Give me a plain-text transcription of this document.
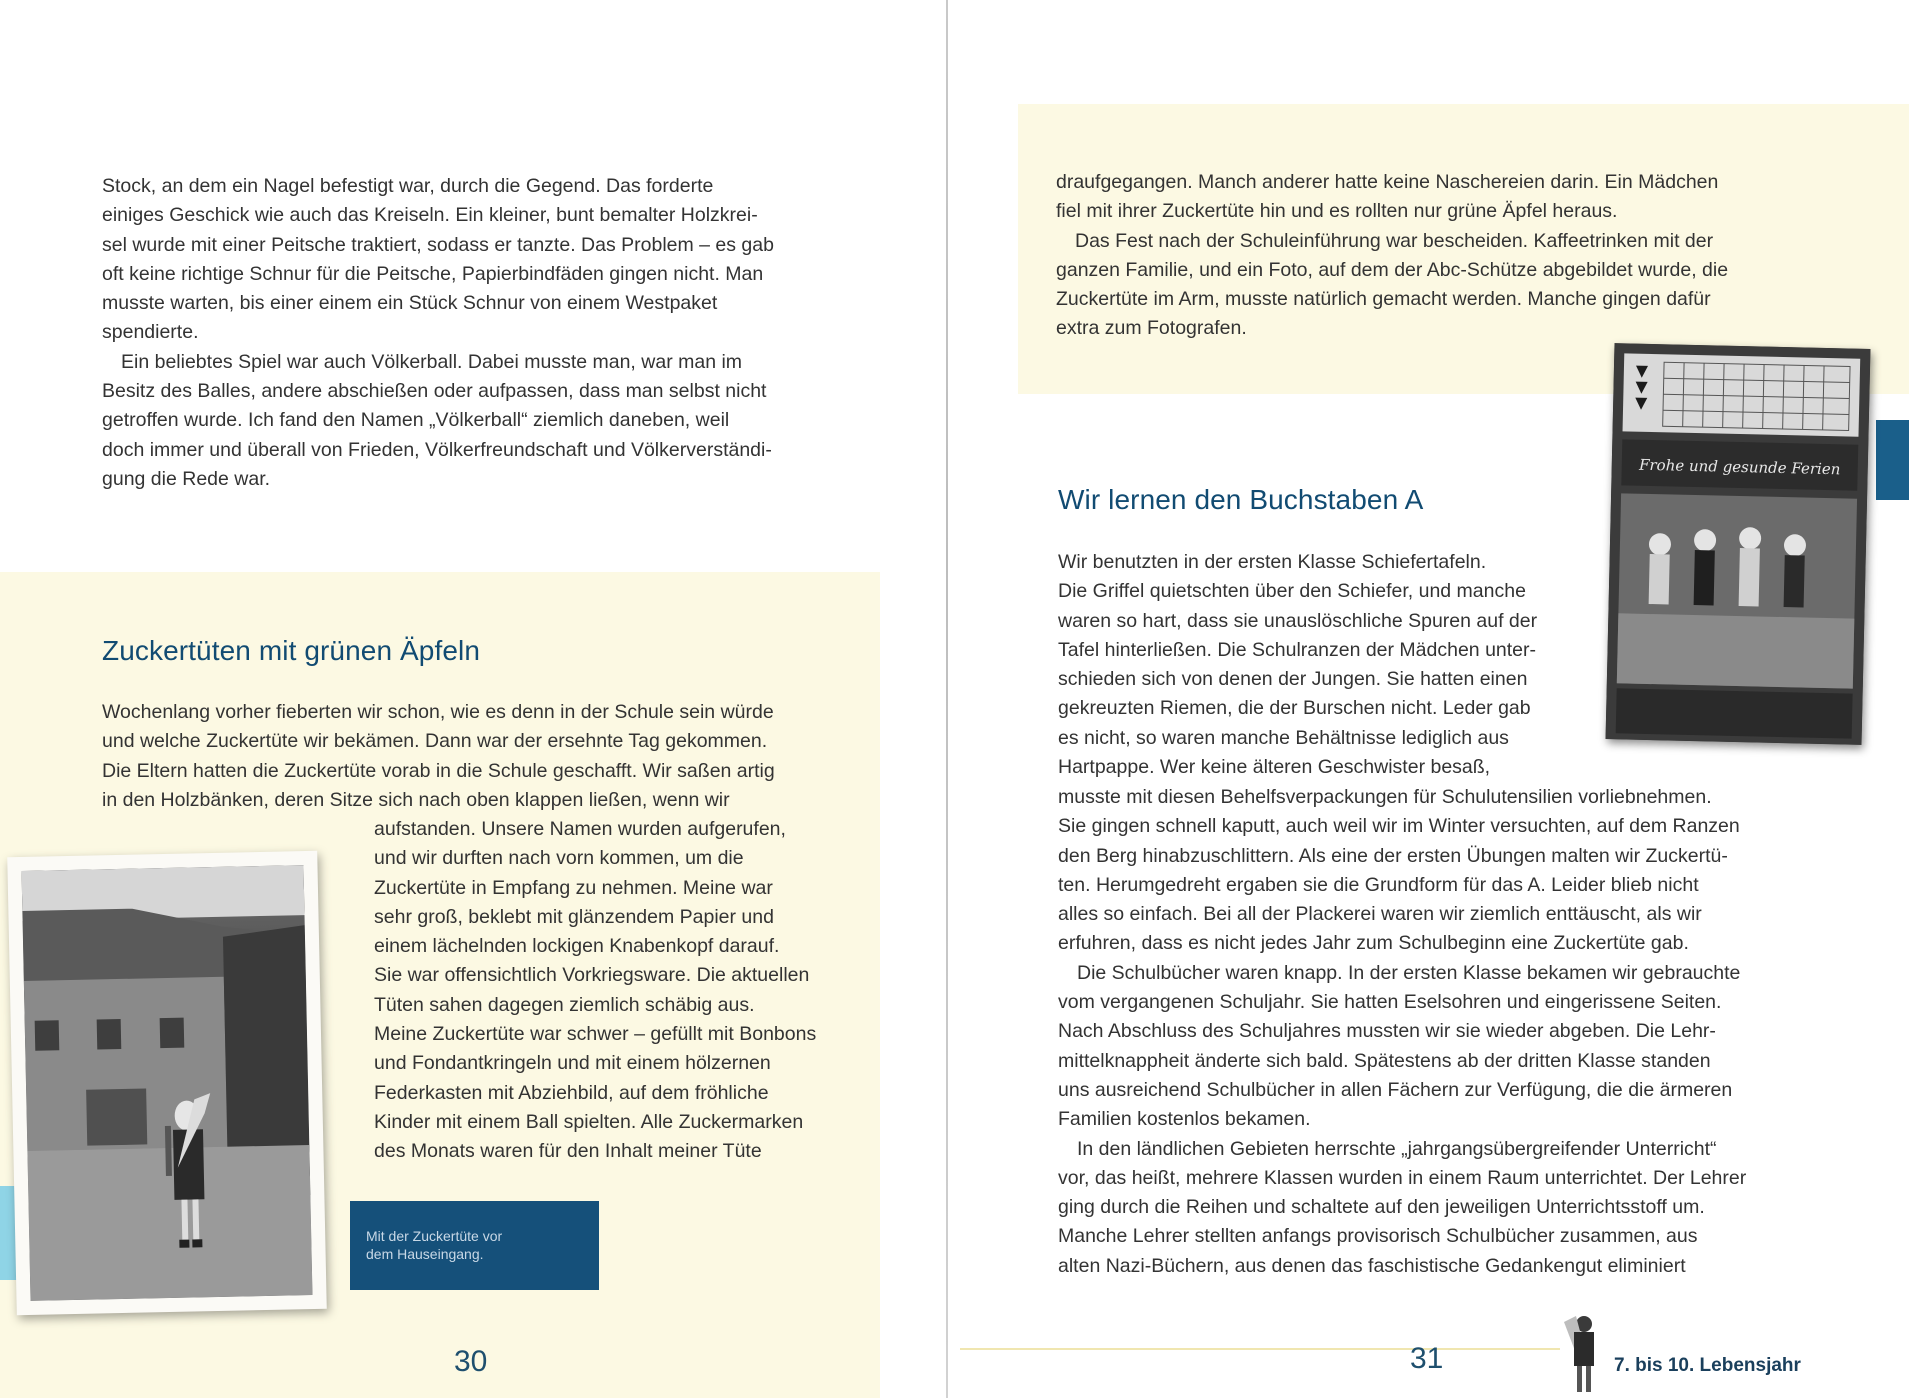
Stock, an dem ein Nagel befestigt war, durch die Gegend. Das forderte
einiges Geschick wie auch das Kreiseln. Ein kleiner, bunt bemalter Holzkrei-
sel wurde mit einer Peitsche traktiert, sodass er tanzte. Das Problem – es gab
oft keine richtige Schnur für die Peitsche, Papierbindfäden gingen nicht. Man
musste warten, bis einer einem ein Stück Schnur von einem Westpaket
spendierte.
Ein beliebtes Spiel war auch Völkerball. Dabei musste man, war man im
Besitz des Balles, andere abschießen oder aufpassen, dass man selbst nicht
getroffen wurde. Ich fand den Namen „Völkerball“ ziemlich daneben, weil
doch immer und überall von Frieden, Völkerfreundschaft und Völkerverständi-
gung die Rede war.
Zuckertüten mit grünen Äpfeln
Wochenlang vorher fieberten wir schon, wie es denn in der Schule sein würde
und welche Zuckertüte wir bekämen. Dann war der ersehnte Tag gekommen.
Die Eltern hatten die Zuckertüte vorab in die Schule geschafft. Wir saßen artig
in den Holzbänken, deren Sitze sich nach oben klappen ließen, wenn wir
aufstanden. Unsere Namen wurden aufgerufen,
und wir durften nach vorn kommen, um die
Zuckertüte in Empfang zu nehmen. Meine war
sehr groß, beklebt mit glänzendem Papier und
einem lächelnden lockigen Knabenkopf darauf.
Sie war offensichtlich Vorkriegsware. Die aktuellen
Tüten sahen dagegen ziemlich schäbig aus.
Meine Zuckertüte war schwer – gefüllt mit Bonbons
und Fondantkringeln und mit einem hölzernen
Federkasten mit Abziehbild, auf dem fröhliche
Kinder mit einem Ball spielten. Alle Zuckermarken
des Monats waren für den Inhalt meiner Tüte
Mit der Zuckertüte vor
dem Hauseingang.
30
draufgegangen. Manch anderer hatte keine Naschereien darin. Ein Mädchen
fiel mit ihrer Zuckertüte hin und es rollten nur grüne Äpfel heraus.
Das Fest nach der Schuleinführung war bescheiden. Kaffeetrinken mit der
ganzen Familie, und ein Foto, auf dem der Abc-Schütze abgebildet wurde, die
Zuckertüte im Arm, musste natürlich gemacht werden. Manche gingen dafür
extra zum Fotografen.
Wir lernen den Buchstaben A
Wir benutzten in der ersten Klasse Schiefertafeln.
Die Griffel quietschten über den Schiefer, und manche
waren so hart, dass sie unauslöschliche Spuren auf der
Tafel hinterließen. Die Schulranzen der Mädchen unter-
schieden sich von denen der Jungen. Sie hatten einen
gekreuzten Riemen, die der Burschen nicht. Leder gab
es nicht, so waren manche Behältnisse lediglich aus
Hartpappe. Wer keine älteren Geschwister besaß,
musste mit diesen Behelfsverpackungen für Schulutensilien vorliebnehmen.
Sie gingen schnell kaputt, auch weil wir im Winter versuchten, auf dem Ranzen
den Berg hinabzuschlittern. Als eine der ersten Übungen malten wir Zuckertü-
ten. Herumgedreht ergaben sie die Grundform für das A. Leider blieb nicht
alles so einfach. Bei all der Plackerei waren wir ziemlich enttäuscht, als wir
erfuhren, dass es nicht jedes Jahr zum Schulbeginn eine Zuckertüte gab.
Die Schulbücher waren knapp. In der ersten Klasse bekamen wir gebrauchte
vom vergangenen Schuljahr. Sie hatten Eselsohren und eingerissene Seiten.
Nach Abschluss des Schuljahres mussten wir sie wieder abgeben. Die Lehr-
mittelknappheit änderte sich bald. Spätestens ab der dritten Klasse standen
uns ausreichend Schulbücher in allen Fächern zur Verfügung, die die ärmeren
Familien kostenlos bekamen.
In den ländlichen Gebieten herrschte „jahrgangsübergreifender Unterricht“
vor, das heißt, mehrere Klassen wurden in einem Raum unterrichtet. Der Lehrer
ging durch die Reihen und schaltete auf den jeweiligen Unterrichtsstoff um.
Manche Lehrer stellten anfangs provisorisch Schulbücher zusammen, aus
alten Nazi-Büchern, aus denen das faschistische Gedankengut eliminiert
31	7. bis 10. Lebensjahr
Frohe und gesunde Ferien
